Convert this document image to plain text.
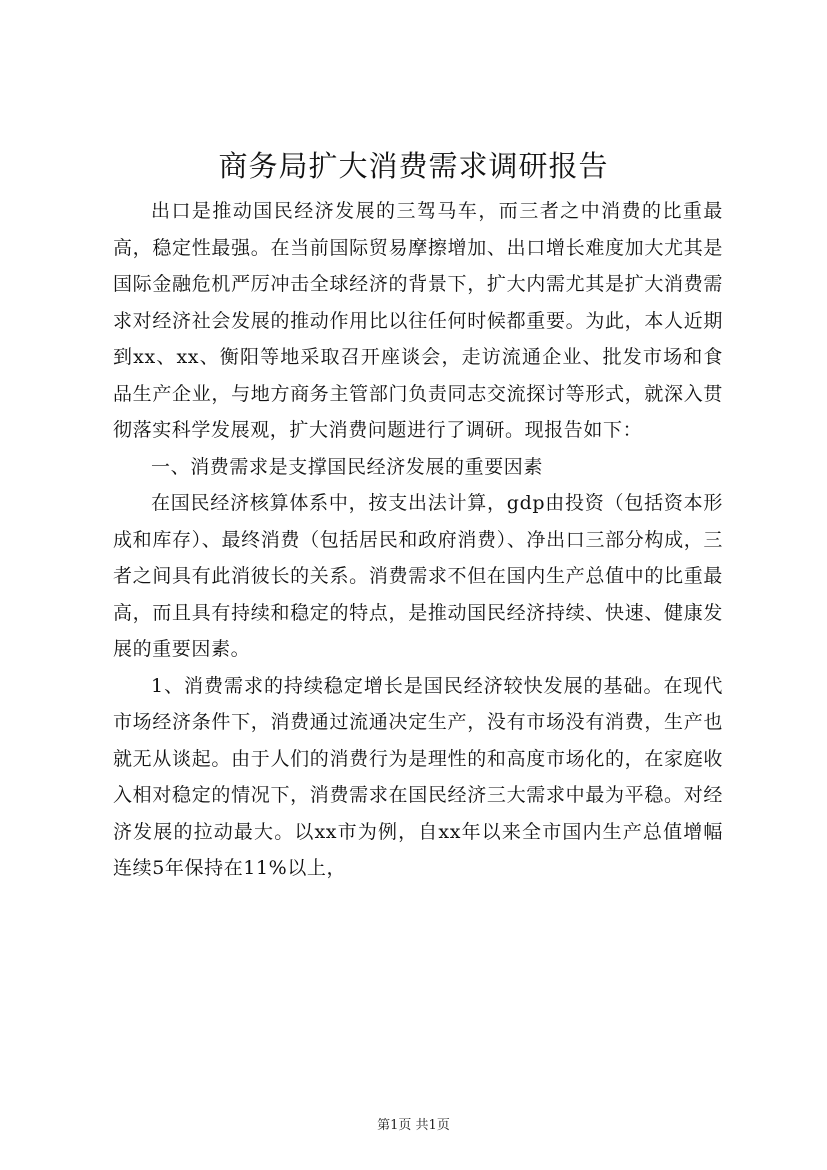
商务局扩大消费需求调研报告

出口是推动国民经济发展的三驾马车，而三者之中消费的比重最高，稳定性最强。在当前国际贸易摩擦增加、出口增长难度加大尤其是国际金融危机严厉冲击全球经济的背景下，扩大内需尤其是扩大消费需求对经济社会发展的推动作用比以往任何时候都重要。为此，本人近期到xx、xx、衡阳等地采取召开座谈会，走访流通企业、批发市场和食品生产企业，与地方商务主管部门负责同志交流探讨等形式，就深入贯彻落实科学发展观，扩大消费问题进行了调研。现报告如下：

一、消费需求是支撑国民经济发展的重要因素

在国民经济核算体系中，按支出法计算，gdp由投资（包括资本形成和库存）、最终消费（包括居民和政府消费）、净出口三部分构成，三者之间具有此消彼长的关系。消费需求不但在国内生产总值中的比重最高，而且具有持续和稳定的特点，是推动国民经济持续、快速、健康发展的重要因素。

1、消费需求的持续稳定增长是国民经济较快发展的基础。在现代市场经济条件下，消费通过流通决定生产，没有市场没有消费，生产也就无从谈起。由于人们的消费行为是理性的和高度市场化的，在家庭收入相对稳定的情况下，消费需求在国民经济三大需求中最为平稳。对经济发展的拉动最大。以xx市为例，自xx年以来全市国内生产总值增幅连续5年保持在11%以上，

第1页 共1页
